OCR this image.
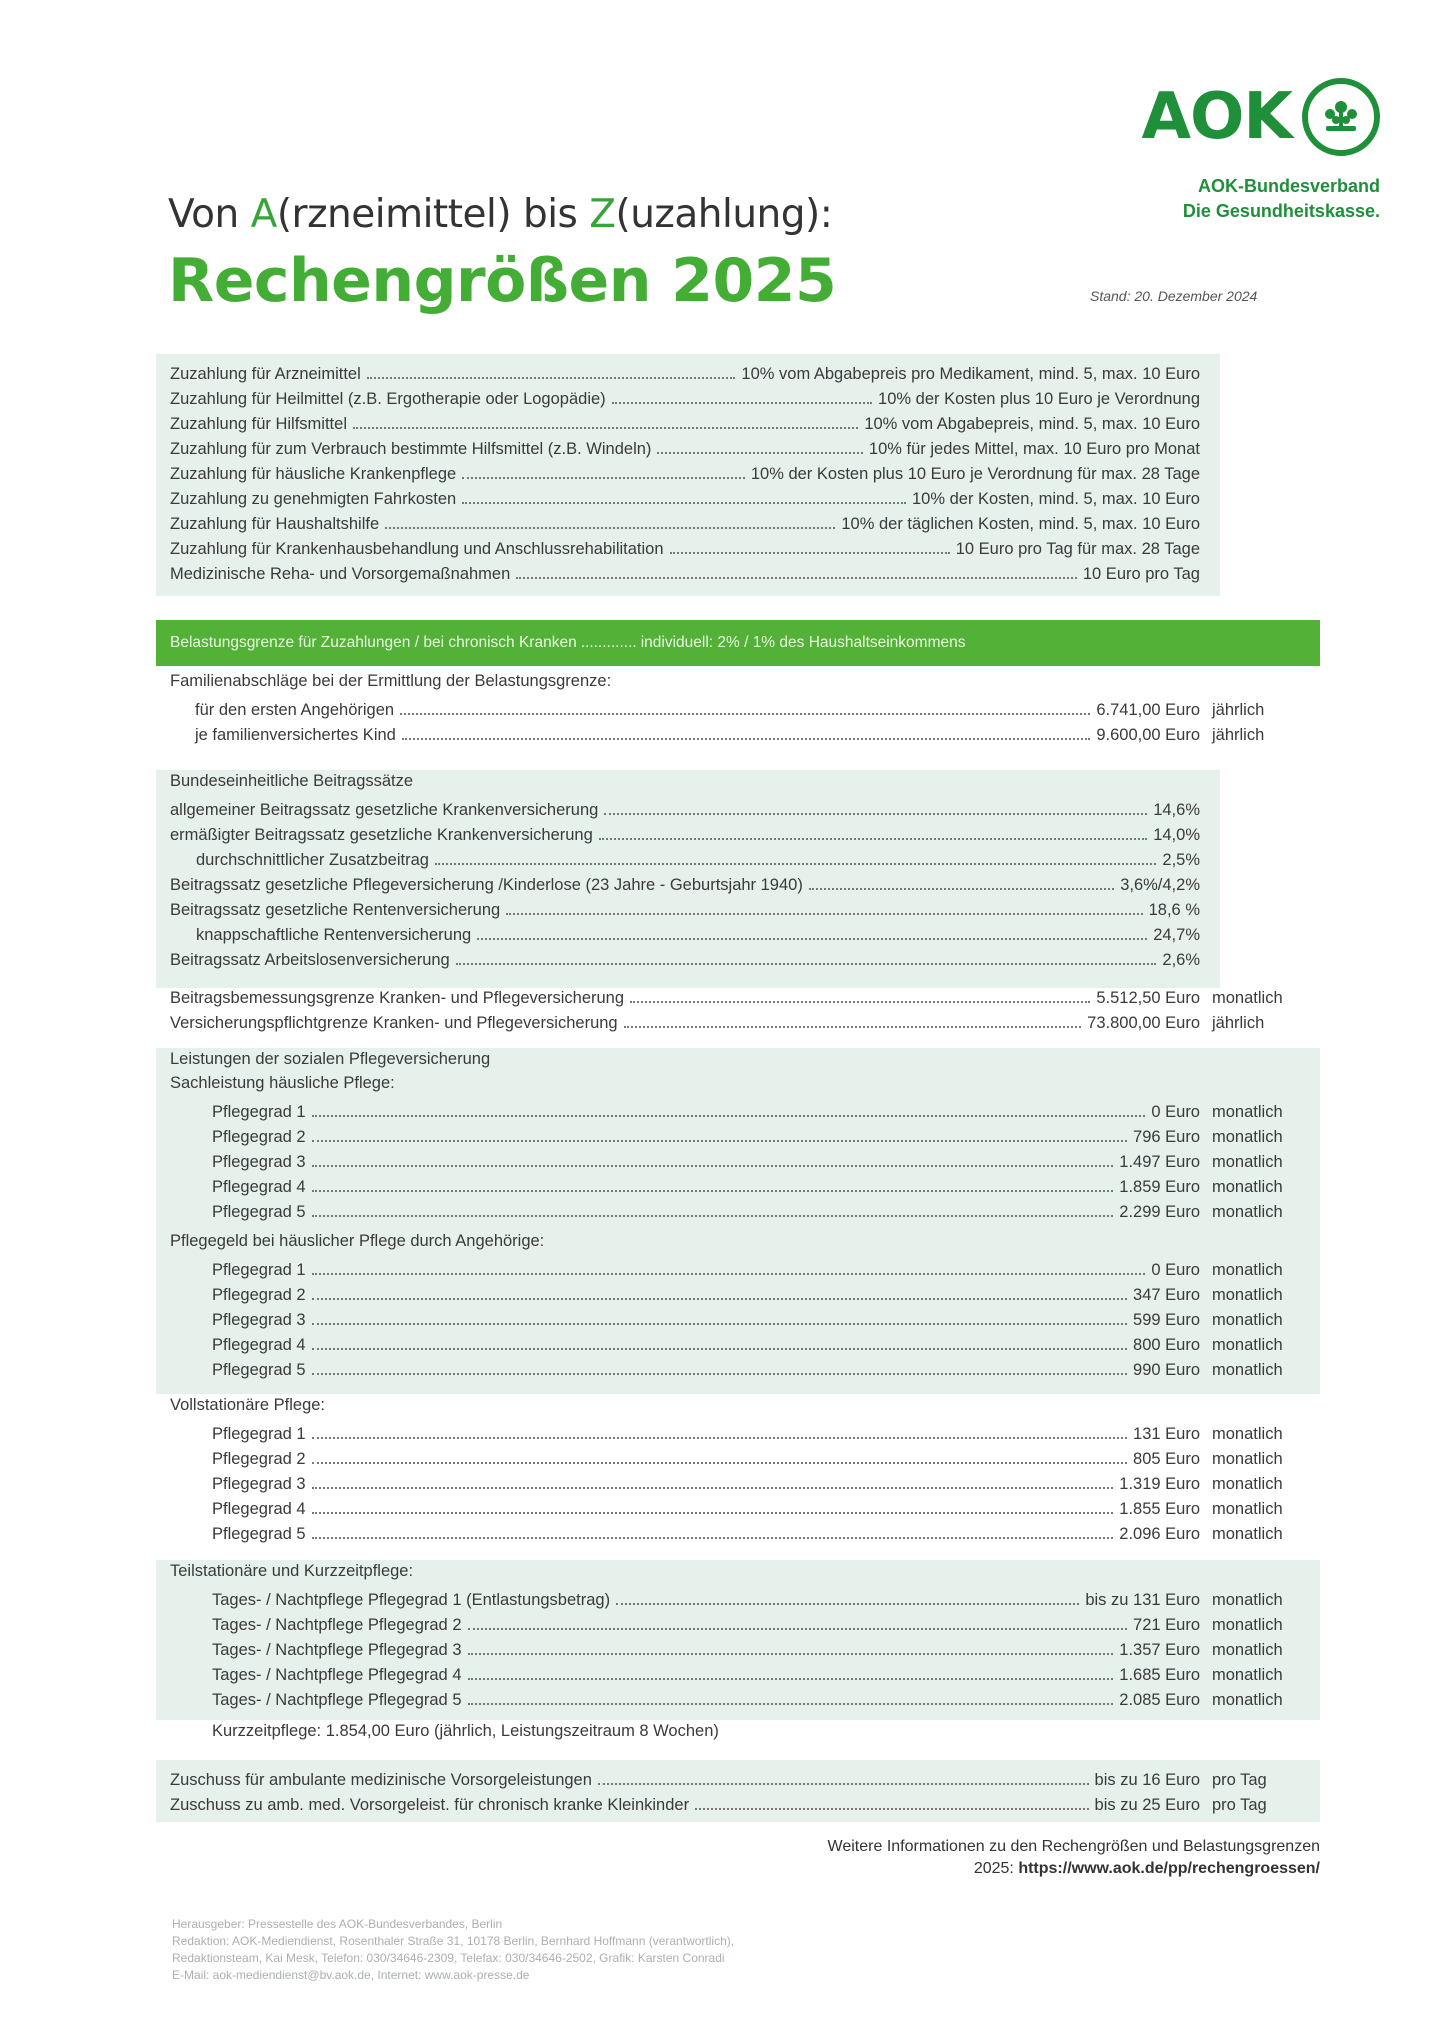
AOK
AOK-Bundesverband
Die Gesundheitskasse.
Von A(rzneimittel) bis Z(uzahlung):
Rechengrößen 2025	Stand: 20. Dezember 2024
Belastungsgrenze für Zuzahlungen / bei chronisch Kranken ............. individuell: 2% / 1% des Haushaltseinkommens
Zuzahlung für Arzneimittel	10% vom Abgabepreis pro Medikament, mind. 5, max. 10 Euro
Zuzahlung für Heilmittel (z.B. Ergotherapie oder Logopädie)	10% der Kosten plus 10 Euro je Verordnung
Zuzahlung für Hilfsmittel	10% vom Abgabepreis, mind. 5, max. 10 Euro
Zuzahlung für zum Verbrauch bestimmte Hilfsmittel (z.B. Windeln)	10% für jedes Mittel, max. 10 Euro pro Monat
Zuzahlung für häusliche Krankenpflege	10% der Kosten plus 10 Euro je Verordnung für max. 28 Tage
Zuzahlung zu genehmigten Fahrkosten	10% der Kosten, mind. 5, max. 10 Euro
Zuzahlung für Haushaltshilfe	10% der täglichen Kosten, mind. 5, max. 10 Euro
Zuzahlung für Krankenhausbehandlung und Anschlussrehabilitation	10 Euro pro Tag für max. 28 Tage
Medizinische Reha- und Vorsorgemaßnahmen	10 Euro pro Tag
Familienabschläge bei der Ermittlung der Belastungsgrenze:
für den ersten Angehörigen	6.741,00 Euro jährlich
je familienversichertes Kind	9.600,00 Euro jährlich
Bundeseinheitliche Beitragssätze
allgemeiner Beitragssatz gesetzliche Krankenversicherung	14,6%
ermäßigter Beitragssatz gesetzliche Krankenversicherung	14,0%
durchschnittlicher Zusatzbeitrag	2,5%
Beitragssatz gesetzliche Pflegeversicherung /Kinderlose (23 Jahre - Geburtsjahr 1940)	3,6%/4,2%
Beitragssatz gesetzliche Rentenversicherung	18,6 %
knappschaftliche Rentenversicherung	24,7%
Beitragssatz Arbeitslosenversicherung	2,6%
Beitragsbemessungsgrenze Kranken- und Pflegeversicherung	5.512,50 Euro monatlich
Versicherungspflichtgrenze Kranken- und Pflegeversicherung	73.800,00 Euro jährlich
Leistungen der sozialen Pflegeversicherung
Sachleistung häusliche Pflege:
Pflegegrad 1	0 Euro monatlich
Pflegegrad 2	796 Euro monatlich
Pflegegrad 3	1.497 Euro monatlich
Pflegegrad 4	1.859 Euro monatlich
Pflegegrad 5	2.299 Euro monatlich
Pflegegeld bei häuslicher Pflege durch Angehörige:
Pflegegrad 1	0 Euro monatlich
Pflegegrad 2	347 Euro monatlich
Pflegegrad 3	599 Euro monatlich
Pflegegrad 4	800 Euro monatlich
Pflegegrad 5	990 Euro monatlich
Vollstationäre Pflege:
Pflegegrad 1	131 Euro monatlich
Pflegegrad 2	805 Euro monatlich
Pflegegrad 3	1.319 Euro monatlich
Pflegegrad 4	1.855 Euro monatlich
Pflegegrad 5	2.096 Euro monatlich
Teilstationäre und Kurzzeitpflege:
Tages- / Nachtpflege Pflegegrad 1 (Entlastungsbetrag)	bis zu 131 Euro monatlich
Tages- / Nachtpflege Pflegegrad 2	721 Euro monatlich
Tages- / Nachtpflege Pflegegrad 3	1.357 Euro monatlich
Tages- / Nachtpflege Pflegegrad 4	1.685 Euro monatlich
Tages- / Nachtpflege Pflegegrad 5	2.085 Euro monatlich
Kurzzeitpflege: 1.854,00 Euro (jährlich, Leistungszeitraum 8 Wochen)
Zuschuss für ambulante medizinische Vorsorgeleistungen	bis zu 16 Euro pro Tag
Zuschuss zu amb. med. Vorsorgeleist. für chronisch kranke Kleinkinder	bis zu 25 Euro pro Tag
Weitere Informationen zu den Rechengrößen und Belastungsgrenzen
2025: https://www.aok.de/pp/rechengroessen/
Herausgeber: Pressestelle des AOK-Bundesverbandes, Berlin
Redaktion: AOK-Mediendienst, Rosenthaler Straße 31, 10178 Berlin, Bernhard Hoffmann (verantwortlich),
Redaktionsteam, Kai Mesk, Telefon: 030/34646-2309, Telefax: 030/34646-2502, Grafik: Karsten Conradi
E-Mail: aok-mediendienst@bv.aok.de, Internet: www.aok-presse.de
